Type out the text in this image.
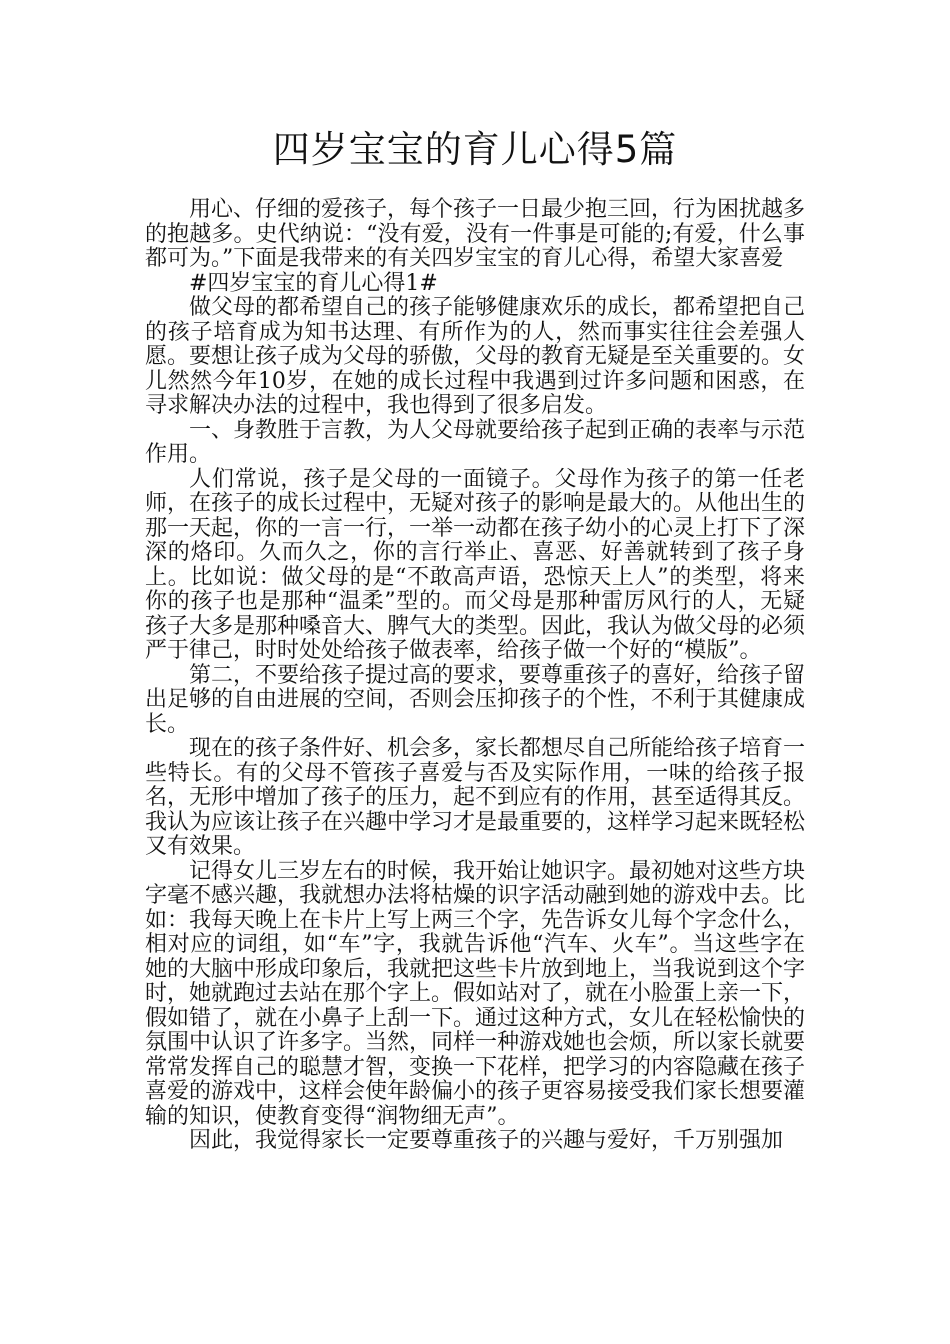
四岁宝宝的育儿心得5篇

用心、仔细的爱孩子，每个孩子一日最少抱三回，行为困扰越多的抱越多。史代纳说：“没有爱，没有一件事是可能的;有爱，什么事都可为。”下面是我带来的有关四岁宝宝的育儿心得，希望大家喜爱

#四岁宝宝的育儿心得1#

做父母的都希望自己的孩子能够健康欢乐的成长，都希望把自己的孩子培育成为知书达理、有所作为的人，然而事实往往会差强人愿。要想让孩子成为父母的骄傲，父母的教育无疑是至关重要的。女儿然然今年10岁，在她的成长过程中我遇到过许多问题和困惑，在寻求解决办法的过程中，我也得到了很多启发。

一、身教胜于言教，为人父母就要给孩子起到正确的表率与示范作用。

人们常说，孩子是父母的一面镜子。父母作为孩子的第一任老师，在孩子的成长过程中，无疑对孩子的影响是最大的。从他出生的那一天起，你的一言一行，一举一动都在孩子幼小的心灵上打下了深深的烙印。久而久之，你的言行举止、喜恶、好善就转到了孩子身上。比如说：做父母的是“不敢高声语，恐惊天上人”的类型，将来你的孩子也是那种“温柔”型的。而父母是那种雷厉风行的人，无疑孩子大多是那种嗓音大、脾气大的类型。因此，我认为做父母的必须严于律己，时时处处给孩子做表率，给孩子做一个好的“模版”。

第二，不要给孩子提过高的要求，要尊重孩子的喜好，给孩子留出足够的自由进展的空间，否则会压抑孩子的个性，不利于其健康成长。

现在的孩子条件好、机会多，家长都想尽自己所能给孩子培育一些特长。有的父母不管孩子喜爱与否及实际作用，一味的给孩子报名，无形中增加了孩子的压力，起不到应有的作用，甚至适得其反。我认为应该让孩子在兴趣中学习才是最重要的，这样学习起来既轻松又有效果。

记得女儿三岁左右的时候，我开始让她识字。最初她对这些方块字毫不感兴趣，我就想办法将枯燥的识字活动融到她的游戏中去。比如：我每天晚上在卡片上写上两三个字，先告诉女儿每个字念什么，相对应的词组，如“车”字，我就告诉他“汽车、火车”。当这些字在她的大脑中形成印象后，我就把这些卡片放到地上，当我说到这个字时，她就跑过去站在那个字上。假如站对了，就在小脸蛋上亲一下，假如错了，就在小鼻子上刮一下。通过这种方式，女儿在轻松愉快的氛围中认识了许多字。当然，同样一种游戏她也会烦，所以家长就要常常发挥自己的聪慧才智，变换一下花样，把学习的内容隐藏在孩子喜爱的游戏中，这样会使年龄偏小的孩子更容易接受我们家长想要灌输的知识，使教育变得“润物细无声”。

因此，我觉得家长一定要尊重孩子的兴趣与爱好，千万别强加
